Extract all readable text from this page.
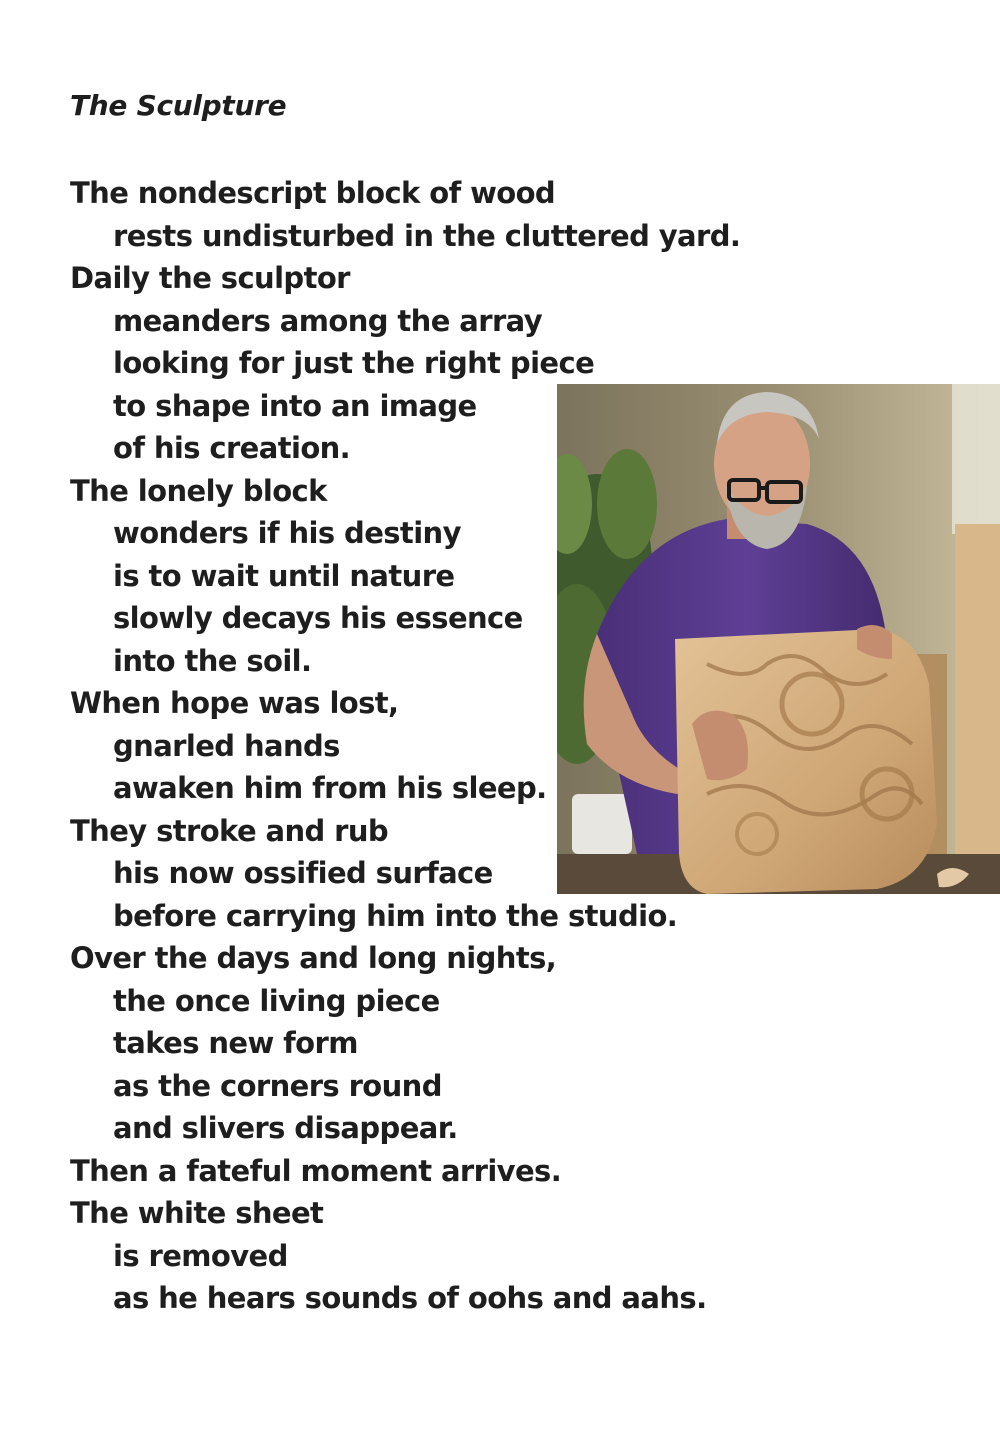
The Sculpture
The nondescript block of wood
rests undisturbed in the cluttered yard.
Daily the sculptor
meanders among the array
looking for just the right piece
to shape into an image
of his creation.
The lonely block
wonders if his destiny
is to wait until nature
slowly decays his essence
into the soil.
When hope was lost,
gnarled hands
awaken him from his sleep.
They stroke and rub
his now ossified surface
before carrying him into the studio.
Over the days and long nights,
the once living piece
takes new form
as the corners round
and slivers disappear.
Then a fateful moment arrives.
The white sheet
is removed
as he hears sounds of oohs and aahs.
